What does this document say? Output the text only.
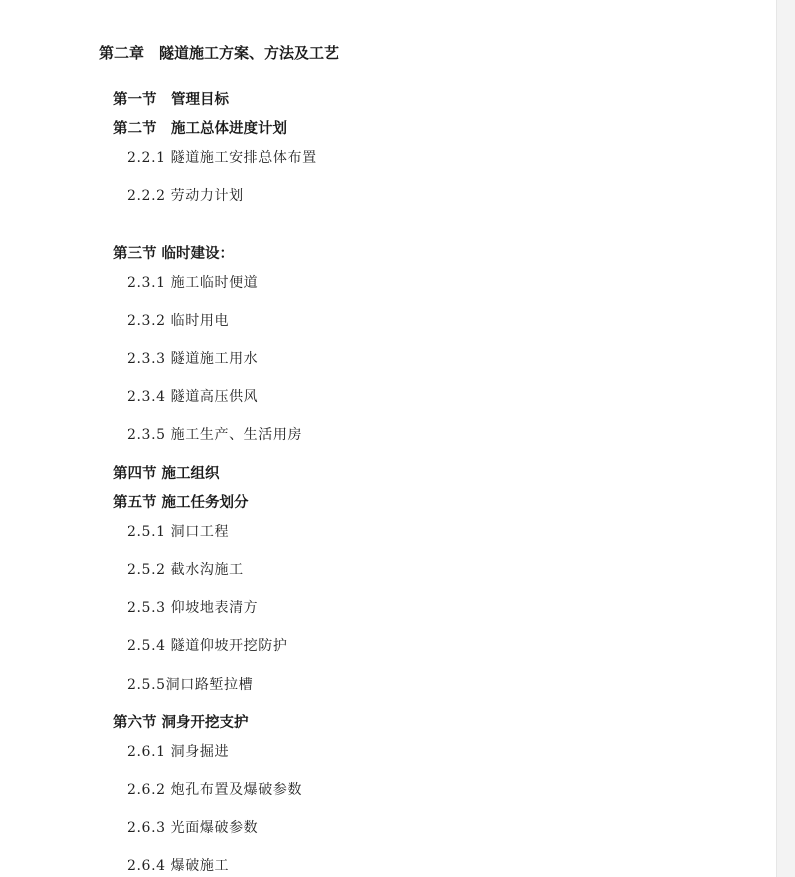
第二章　隧道施工方案、方法及工艺
第一节　管理目标
第二节　施工总体进度计划
2.2.1 隧道施工安排总体布置
2.2.2 劳动力计划
第三节 临时建设：
2.3.1 施工临时便道
2.3.2 临时用电
2.3.3 隧道施工用水
2.3.4 隧道高压供风
2.3.5 施工生产、生活用房
第四节 施工组织
第五节 施工任务划分
2.5.1 洞口工程
2.5.2 截水沟施工
2.5.3 仰坡地表清方
2.5.4 隧道仰坡开挖防护
2.5.5洞口路堑拉槽
第六节 洞身开挖支护
2.6.1 洞身掘进
2.6.2 炮孔布置及爆破参数
2.6.3 光面爆破参数
2.6.4 爆破施工
